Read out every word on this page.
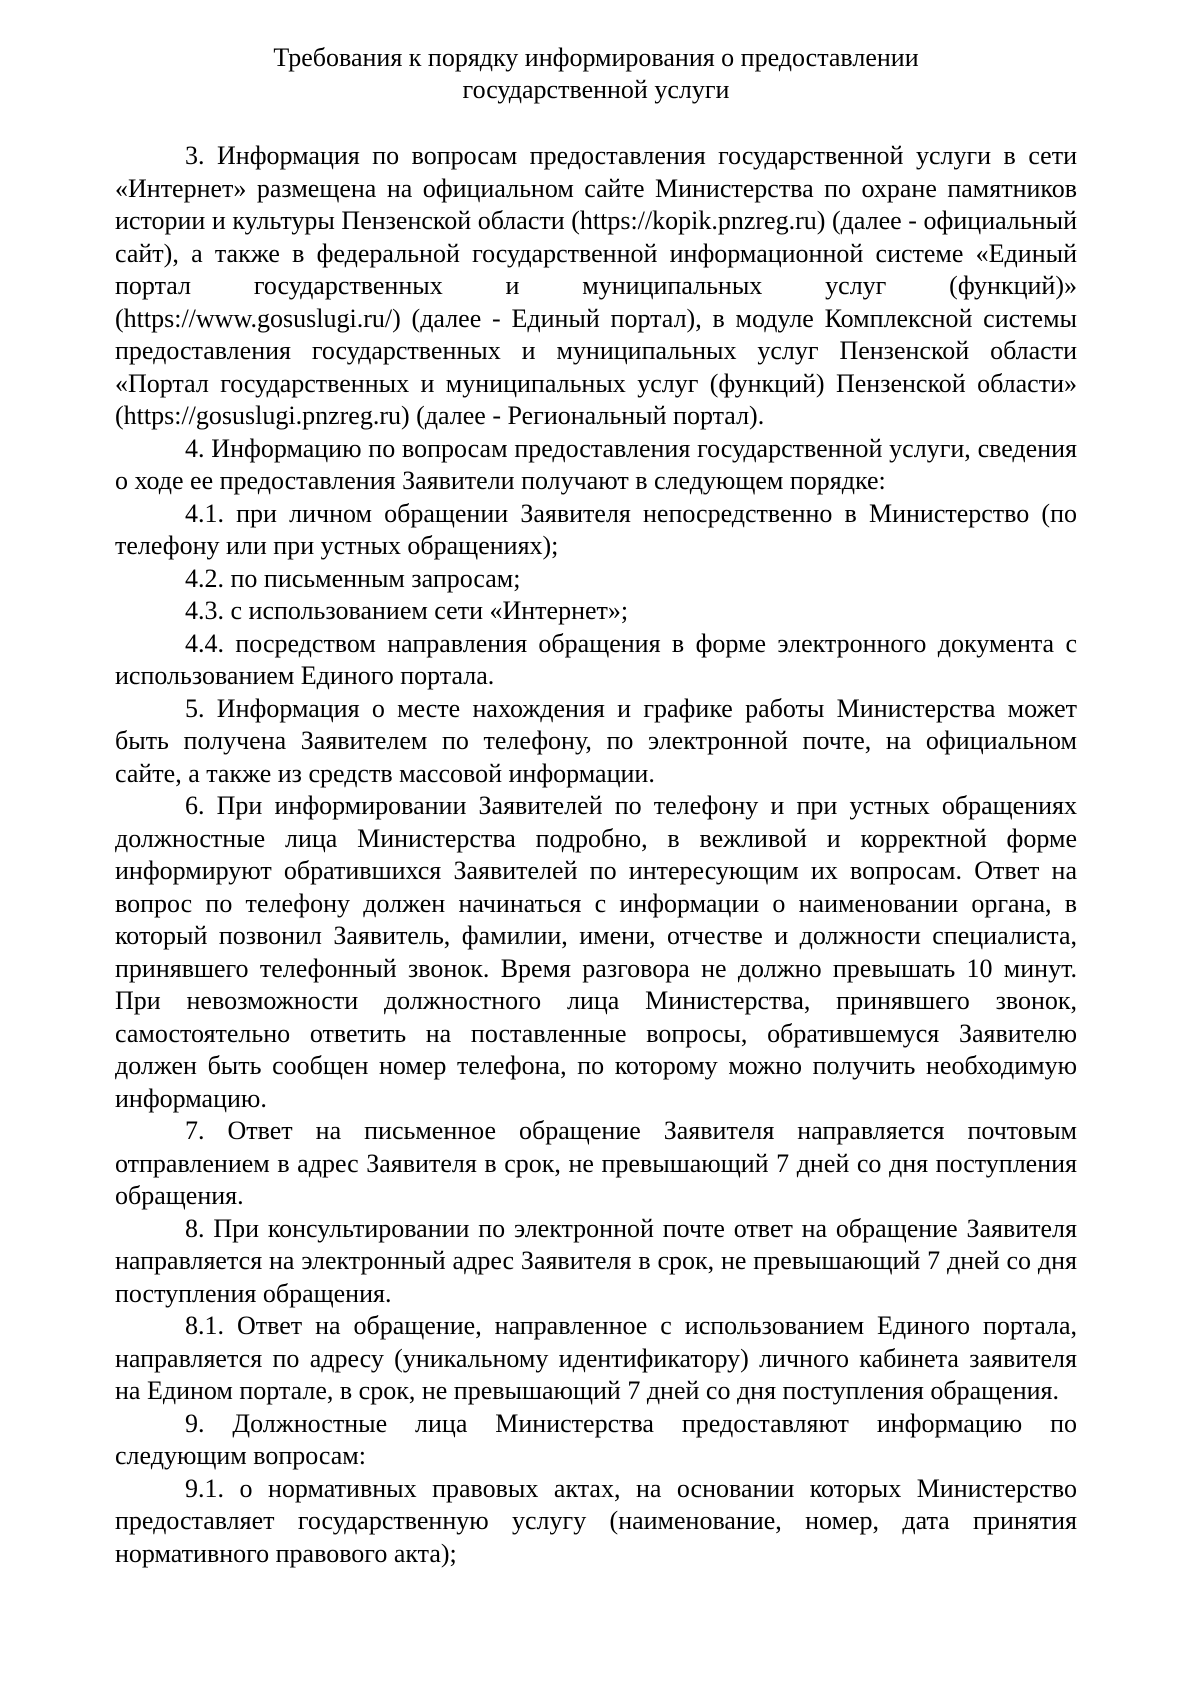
Требования к порядку информирования о предоставлении
государственной услуги

3. Информация по вопросам предоставления государственной услуги в сети «Интернет» размещена на официальном сайте Министерства по охране памятников истории и культуры Пензенской области (https://kopik.pnzreg.ru) (далее - официальный сайт), а также в федеральной государственной информационной системе «Единый портал государственных и муниципальных услуг (функций)» (https://www.gosuslugi.ru/) (далее - Единый портал), в модуле Комплексной системы предоставления государственных и муниципальных услуг Пензенской области «Портал государственных и муниципальных услуг (функций) Пензенской области» (https://gosuslugi.pnzreg.ru) (далее - Региональный портал).

4. Информацию по вопросам предоставления государственной услуги, сведения о ходе ее предоставления Заявители получают в следующем порядке:

4.1. при личном обращении Заявителя непосредственно в Министерство (по телефону или при устных обращениях);

4.2. по письменным запросам;

4.3. с использованием сети «Интернет»;

4.4. посредством направления обращения в форме электронного документа с использованием Единого портала.

5. Информация о месте нахождения и графике работы Министерства может быть получена Заявителем по телефону, по электронной почте, на официальном сайте, а также из средств массовой информации.

6. При информировании Заявителей по телефону и при устных обращениях должностные лица Министерства подробно, в вежливой и корректной форме информируют обратившихся Заявителей по интересующим их вопросам. Ответ на вопрос по телефону должен начинаться с информации о наименовании органа, в который позвонил Заявитель, фамилии, имени, отчестве и должности специалиста, принявшего телефонный звонок. Время разговора не должно превышать 10 минут. При невозможности должностного лица Министерства, принявшего звонок, самостоятельно ответить на поставленные вопросы, обратившемуся Заявителю должен быть сообщен номер телефона, по которому можно получить необходимую информацию.

7. Ответ на письменное обращение Заявителя направляется почтовым отправлением в адрес Заявителя в срок, не превышающий 7 дней со дня поступления обращения.

8. При консультировании по электронной почте ответ на обращение Заявителя направляется на электронный адрес Заявителя в срок, не превышающий 7 дней со дня поступления обращения.

8.1. Ответ на обращение, направленное с использованием Единого портала, направляется по адресу (уникальному идентификатору) личного кабинета заявителя на Едином портале, в срок, не превышающий 7 дней со дня поступления обращения.

9. Должностные лица Министерства предоставляют информацию по следующим вопросам:

9.1. о нормативных правовых актах, на основании которых Министерство предоставляет государственную услугу (наименование, номер, дата принятия нормативного правового акта);
